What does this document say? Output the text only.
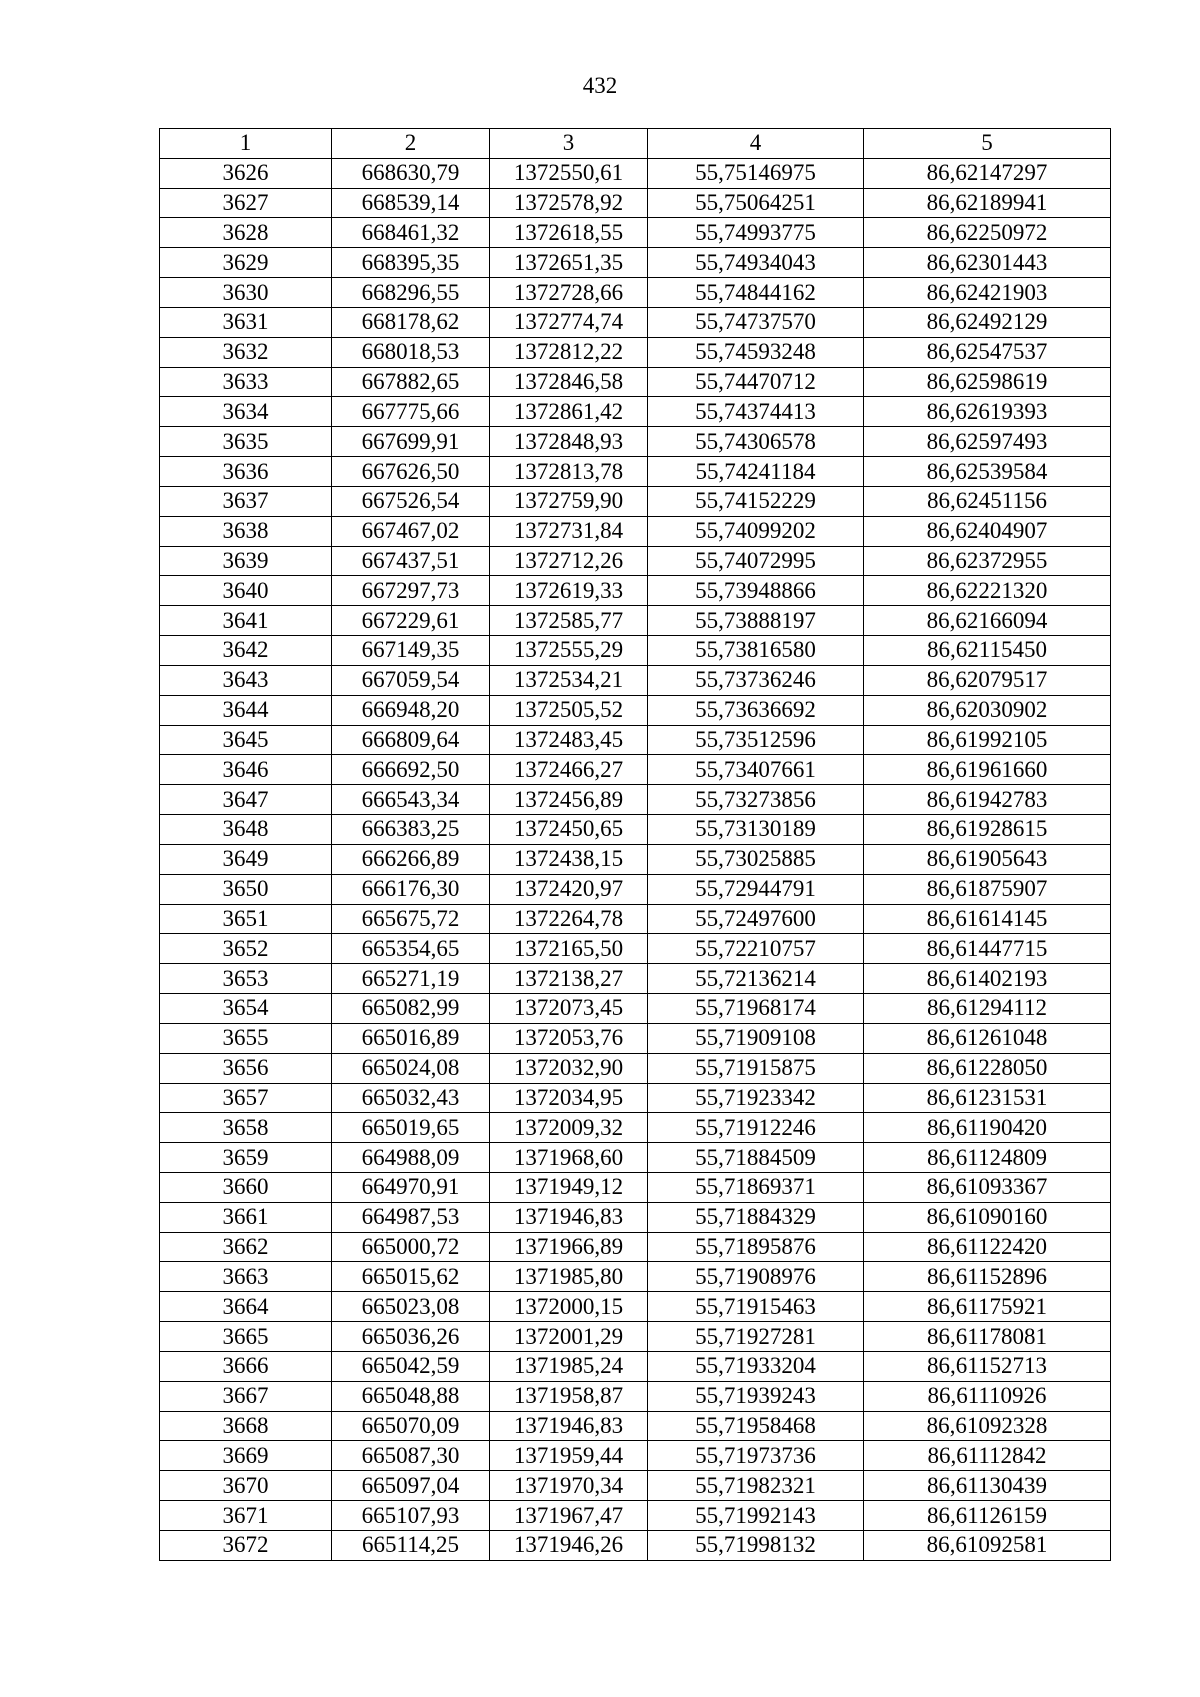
432
1	2	3	4	5
3626	668630,79	1372550,61	55,75146975	86,62147297
3627	668539,14	1372578,92	55,75064251	86,62189941
3628	668461,32	1372618,55	55,74993775	86,62250972
3629	668395,35	1372651,35	55,74934043	86,62301443
3630	668296,55	1372728,66	55,74844162	86,62421903
3631	668178,62	1372774,74	55,74737570	86,62492129
3632	668018,53	1372812,22	55,74593248	86,62547537
3633	667882,65	1372846,58	55,74470712	86,62598619
3634	667775,66	1372861,42	55,74374413	86,62619393
3635	667699,91	1372848,93	55,74306578	86,62597493
3636	667626,50	1372813,78	55,74241184	86,62539584
3637	667526,54	1372759,90	55,74152229	86,62451156
3638	667467,02	1372731,84	55,74099202	86,62404907
3639	667437,51	1372712,26	55,74072995	86,62372955
3640	667297,73	1372619,33	55,73948866	86,62221320
3641	667229,61	1372585,77	55,73888197	86,62166094
3642	667149,35	1372555,29	55,73816580	86,62115450
3643	667059,54	1372534,21	55,73736246	86,62079517
3644	666948,20	1372505,52	55,73636692	86,62030902
3645	666809,64	1372483,45	55,73512596	86,61992105
3646	666692,50	1372466,27	55,73407661	86,61961660
3647	666543,34	1372456,89	55,73273856	86,61942783
3648	666383,25	1372450,65	55,73130189	86,61928615
3649	666266,89	1372438,15	55,73025885	86,61905643
3650	666176,30	1372420,97	55,72944791	86,61875907
3651	665675,72	1372264,78	55,72497600	86,61614145
3652	665354,65	1372165,50	55,72210757	86,61447715
3653	665271,19	1372138,27	55,72136214	86,61402193
3654	665082,99	1372073,45	55,71968174	86,61294112
3655	665016,89	1372053,76	55,71909108	86,61261048
3656	665024,08	1372032,90	55,71915875	86,61228050
3657	665032,43	1372034,95	55,71923342	86,61231531
3658	665019,65	1372009,32	55,71912246	86,61190420
3659	664988,09	1371968,60	55,71884509	86,61124809
3660	664970,91	1371949,12	55,71869371	86,61093367
3661	664987,53	1371946,83	55,71884329	86,61090160
3662	665000,72	1371966,89	55,71895876	86,61122420
3663	665015,62	1371985,80	55,71908976	86,61152896
3664	665023,08	1372000,15	55,71915463	86,61175921
3665	665036,26	1372001,29	55,71927281	86,61178081
3666	665042,59	1371985,24	55,71933204	86,61152713
3667	665048,88	1371958,87	55,71939243	86,61110926
3668	665070,09	1371946,83	55,71958468	86,61092328
3669	665087,30	1371959,44	55,71973736	86,61112842
3670	665097,04	1371970,34	55,71982321	86,61130439
3671	665107,93	1371967,47	55,71992143	86,61126159
3672	665114,25	1371946,26	55,71998132	86,61092581
